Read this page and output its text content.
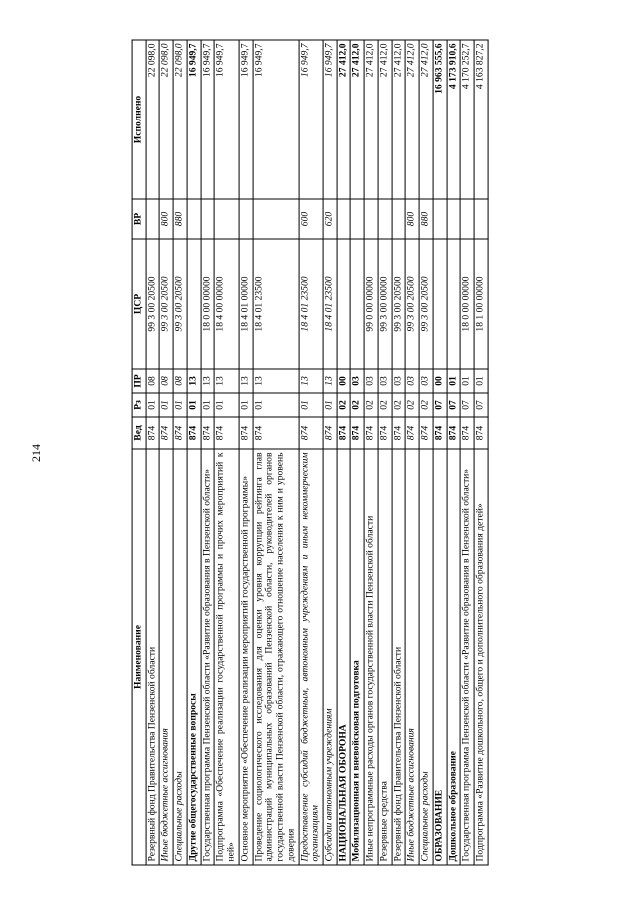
214
Наименование	Вед	Рз	ПР	ЦСР	ВР	Исполнено
Резервный фонд Правительства Пензенской области	874	01	08	99 3 00 20500		22 098,0
Иные бюджетные ассигнования	874	01	08	99 3 00 20500	800	22 098,0
Специальные расходы	874	01	08	99 3 00 20500	880	22 098,0
Другие общегосударственные вопросы	874	01	13			16 949,7
Государственная программа Пензенской области «Развитие образования в Пензенской области»	874	01	13	18 0 00 00000		16 949,7
Подпрограмма «Обеспечение реализации государственной программы и прочих мероприятий к ней»	874	01	13	18 4 00 00000		16 949,7
Основное мероприятие «Обеспечение реализации мероприятий государственной программы»	874	01	13	18 4 01 00000		16 949,7
Проведение социологического исследования для оценки уровня коррупции рейтинга глав администраций муниципальных образований Пензенской области, руководителей органов государственной власти Пензенской области, отражающего отношение населения к ним и уровень доверия	874	01	13	18 4 01 23500		16 949,7
Предоставление субсидий бюджетным, автономным учреждениям и иным некоммерческим организациям	874	01	13	18 4 01 23500	600	16 949,7
Субсидии автономным учреждениям	874	01	13	18 4 01 23500	620	16 949,7
НАЦИОНАЛЬНАЯ ОБОРОНА	874	02	00			27 412,0
Мобилизационная и вневойсковая подготовка	874	02	03			27 412,0
Иные непрограммные расходы органов государственной власти Пензенской области	874	02	03	99 0 00 00000		27 412,0
Резервные средства	874	02	03	99 3 00 00000		27 412,0
Резервный фонд Правительства Пензенской области	874	02	03	99 3 00 20500		27 412,0
Иные бюджетные ассигнования	874	02	03	99 3 00 20500	800	27 412,0
Специальные расходы	874	02	03	99 3 00 20500	880	27 412,0
ОБРАЗОВАНИЕ	874	07	00			16 963 555,6
Дошкольное образование	874	07	01			4 173 910,6
Государственная программа Пензенской области «Развитие образования в Пензенской области»	874	07	01	18 0 00 00000		4 170 252,7
Подпрограмма «Развитие дошкольного, общего и дополнительного образования детей»	874	07	01	18 1 00 00000		4 163 827,2
